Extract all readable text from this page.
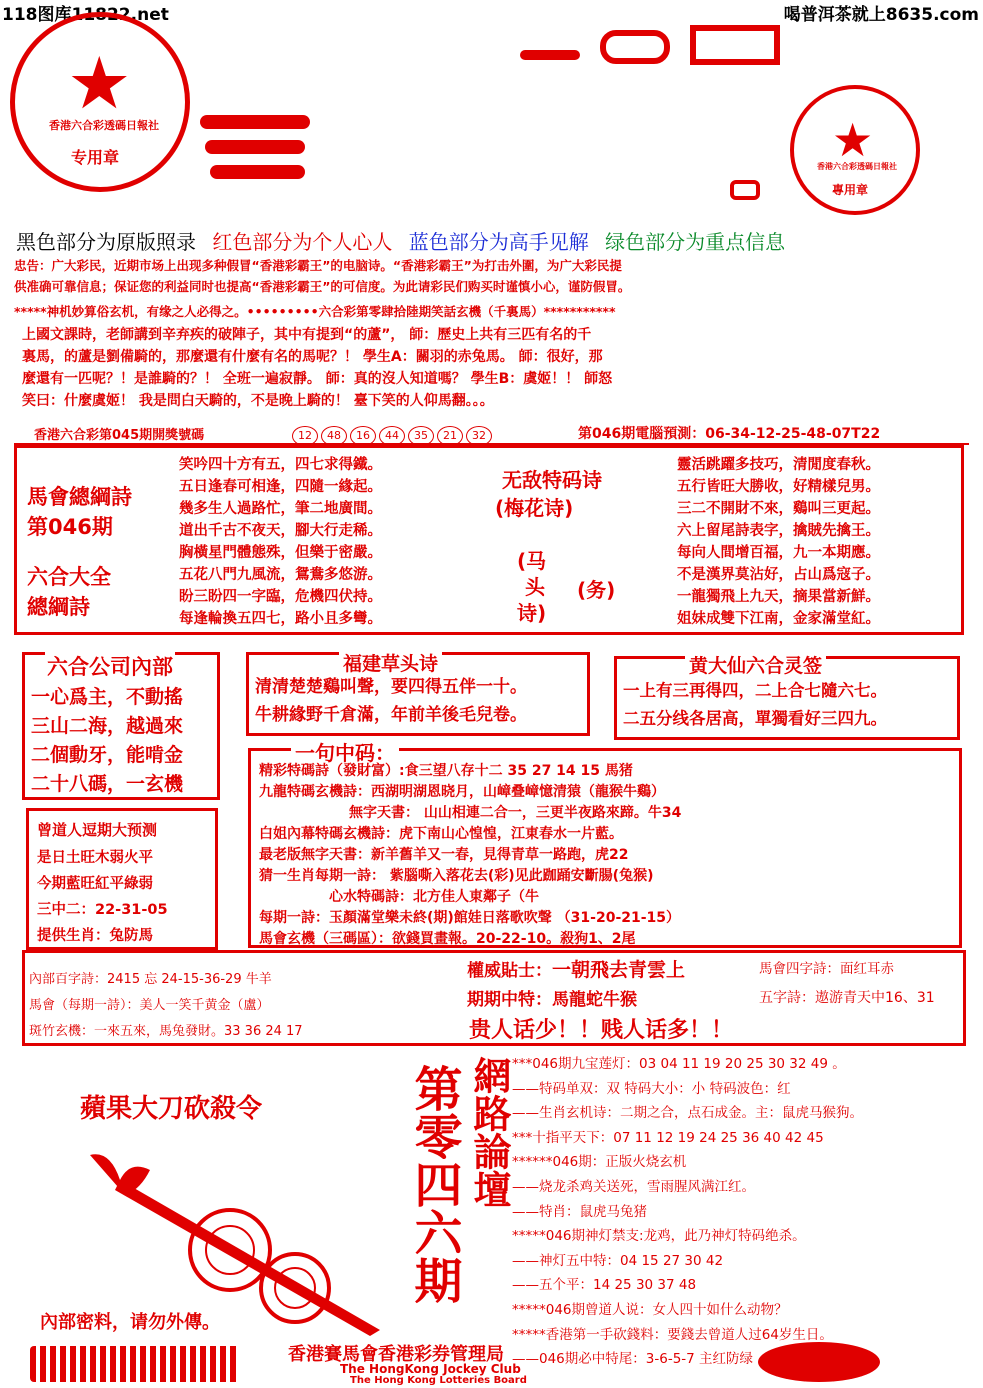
118图库11822.net	喝普洱茶就上8635.com
★
香港六合彩透碼日報社
专用章	★
香港六合彩透碼日報社
專用章
黑色部分为原版照录 红色部分为个人心人 蓝色部分为高手见解 绿色部分为重点信息
忠告：广大彩民，近期市场上出现多种假冒“香港彩霸王”的电脑诗。“香港彩霸王”为打击外圍，为广大彩民提
供准确可靠信息；保证您的利益同时也提高“香港彩霸王”的可信度。为此请彩民们购买时谨慎小心，谨防假冒。
*****神机妙算俗玄机，有缘之人必得之。•••••••••六合彩第零肆拾陸期笑話玄機（千裏馬）***********
上國文課時，老師講到辛弃疾的破陣子，其中有提到“的蘆”， 師：歷史上共有三匹有名的千
裏馬，的蘆是劉備騎的，那麼還有什麼有名的馬呢？！ 學生A：關羽的赤兔馬。 師：很好，那
麼還有一匹呢？！是誰騎的？！ 全班一遍寂靜。 師：真的沒人知道嗎？ 學生B：虞姬！！ 師怒
笑曰：什麼虞姬！ 我是問白天騎的，不是晚上騎的！ 臺下笑的人仰馬翻。。。
香港六合彩第045期開獎號碼	12 48 16 44 35 21 32	第046期電腦預測：06-34-12-25-48-07T22
馬會總綱詩
第046期
六合大全
總綱詩
笑吟四十方有五，四七求得鐵。
五日逢春可相逢，四隨一緣起。
幾多生人過路忙，筆二地廣間。
道出千古不夜天，腳大行走稀。
胸橫星門體態殊，但樂于密嚴。
五花八門九風流，鴛鴦多悠游。
盼三盼四一字臨，危機四伏持。
每逢輪換五四七，路小且多彎。
无敌特码诗
(梅花诗)
(马
头
诗)
(务)
靈活跳躍多技巧，清閒度春秋。
五行皆旺大勝收，好精樣兒男。
三二不開財不來，鷄叫三更起。
六上留尾詩表字，擒賊先擒王。
每向人間增百福，九一本期應。
不是漢界莫沾好，占山爲寇子。
一龍獨飛上九天，摘果當新鮮。
姐妹成雙下江南，金家滿堂紅。
六合公司內部
一心爲主，不動搖
三山二海，越過來
二個動牙，能啃金
二十八碼，一玄機
福建草头诗
清清楚楚鷄叫聲，要四得五伴一十。
牛耕緣野千倉滿，年前羊後毛兒卷。
黄大仙六合灵签
一上有三再得四，二上合七隨六七。
二五分线各居高，單獨看好三四九。
一句中码：
精彩特碼詩（發財富）:食三望八存十二 35 27 14 15 馬猪
九龍特碼玄機詩：西湖明湖恩晓月，山嶂叠嶂憶清猿（龍猴牛鷄）
無字天書： 山山相連二合一，三更半夜路來蹄。牛34
白姐內幕特碼玄機詩：虎下南山心惶惶，江東春水一片藍。
最老版無字天書：新羊舊羊又一春，見得青草一路跑，虎22
猜一生肖每期一詩： 紫腦嘶入落花去(彩)见此跏踊安斷腸(兔猴)
心水特碼詩：北方佳人東鄰子（牛
每期一詩：玉顏滿堂樂未終(期)館娃日落歌吹聲 （31-20-21-15）
馬會玄機（三碼區）：欲錢買畫報。20-22-10。殺狗1、2尾
曾道人逗期大预测
是日土旺木弱火平
今期藍旺紅平綠弱
三中二：22-31-05
提供生肖：兔防馬
內部百字詩：2415 忘 24-15-36-29 牛羊
馬會（每期一詩）：美人一笑千黄金（盧）
斑竹玄機：一來五來，馬兔發財。33 36 24 17
權威貼士：一朝飛去青雲上	馬會四字詩：面红耳赤
期期中特：馬龍蛇牛猴	五字詩：遨游青天中16、31
贵人话少！！贱人话多！！
蘋果大刀砍殺令
內部密料，请勿外傳。
第零四六期 網路論壇 ***046期九宝莲灯：03 04 11 19 20 25 30 32 49 。
——特码单双：双 特码大小：小 特码波色：红
——生肖玄机诗：二期之合，点石成金。主：鼠虎马猴狗。
***十指平天下：07 11 12 19 24 25 36 40 42 45
******046期：正版火烧玄机
——烧龙杀鸡关送死，雪雨腥风满江红。
——特肖：鼠虎马兔猪
*****046期神灯禁支:龙鸡，此乃神灯特码绝杀。
——神灯五中特：04 15 27 30 42
——五个平：14 25 30 37 48
*****046期曾道人说：女人四十如什么动物？
*****香港第一手砍錢料：要錢去曾道人过64岁生日。
——046期必中特尾：3-6-5-7 主红防绿
香港賽馬會香港彩券管理局
The HongKong Jockey Club
The Hong Kong Lotteries Board
